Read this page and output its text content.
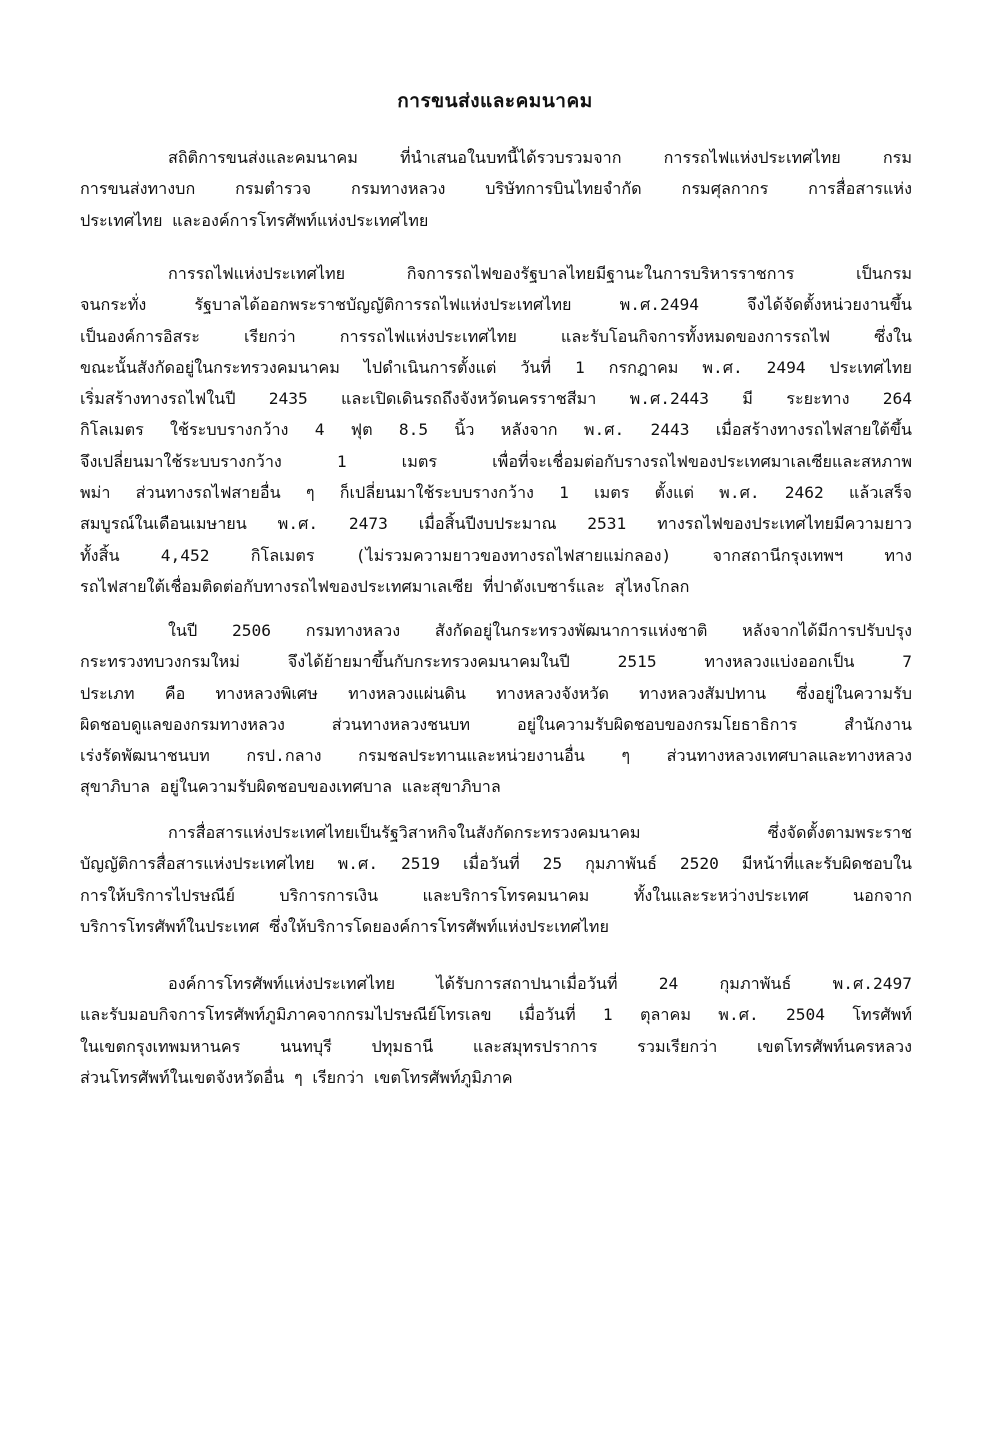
การขนส่งและคมนาคม
สถิติการขนส่งและคมนาคม ที่นำเสนอในบทนี้ได้รวบรวมจาก การรถไฟแห่งประเทศไทย กรม
การขนส่งทางบก กรมตำรวจ กรมทางหลวง บริษัทการบินไทยจำกัด กรมศุลกากร การสื่อสารแห่ง
ประเทศไทย และองค์การโทรศัพท์แห่งประเทศไทย
การรถไฟแห่งประเทศไทย กิจการรถไฟของรัฐบาลไทยมีฐานะในการบริหารราชการ เป็นกรม
จนกระทั่ง รัฐบาลได้ออกพระราชบัญญัติการรถไฟแห่งประเทศไทย พ.ศ.2494 จึงได้จัดตั้งหน่วยงานขึ้น
เป็นองค์การอิสระ เรียกว่า การรถไฟแห่งประเทศไทย และรับโอนกิจการทั้งหมดของการรถไฟ ซึ่งใน
ขณะนั้นสังกัดอยู่ในกระทรวงคมนาคม ไปดำเนินการตั้งแต่ วันที่ 1 กรกฎาคม พ.ศ. 2494 ประเทศไทย
เริ่มสร้างทางรถไฟในปี 2435 และเปิดเดินรถถึงจังหวัดนครราชสีมา พ.ศ.2443 มี ระยะทาง 264
กิโลเมตร ใช้ระบบรางกว้าง 4 ฟุต 8.5 นิ้ว หลังจาก พ.ศ. 2443 เมื่อสร้างทางรถไฟสายใต้ขึ้น
จึงเปลี่ยนมาใช้ระบบรางกว้าง 1 เมตร เพื่อที่จะเชื่อมต่อกับรางรถไฟของประเทศมาเลเซียและสหภาพ
พม่า ส่วนทางรถไฟสายอื่น ๆ ก็เปลี่ยนมาใช้ระบบรางกว้าง 1 เมตร ตั้งแต่ พ.ศ. 2462 แล้วเสร็จ
สมบูรณ์ในเดือนเมษายน พ.ศ. 2473 เมื่อสิ้นปีงบประมาณ 2531 ทางรถไฟของประเทศไทยมีความยาว
ทั้งสิ้น 4,452 กิโลเมตร (ไม่รวมความยาวของทางรถไฟสายแม่กลอง) จากสถานีกรุงเทพฯ ทาง
รถไฟสายใต้เชื่อมติดต่อกับทางรถไฟของประเทศมาเลเซีย ที่ปาดังเบซาร์และ สุไหงโกลก
ในปี 2506 กรมทางหลวง สังกัดอยู่ในกระทรวงพัฒนาการแห่งชาติ หลังจากได้มีการปรับปรุง
กระทรวงทบวงกรมใหม่ จึงได้ย้ายมาขึ้นกับกระทรวงคมนาคมในปี 2515 ทางหลวงแบ่งออกเป็น 7
ประเภท คือ ทางหลวงพิเศษ ทางหลวงแผ่นดิน ทางหลวงจังหวัด ทางหลวงสัมปทาน ซึ่งอยู่ในความรับ
ผิดชอบดูแลของกรมทางหลวง ส่วนทางหลวงชนบท อยู่ในความรับผิดชอบของกรมโยธาธิการ สำนักงาน
เร่งรัดพัฒนาชนบท กรป.กลาง กรมชลประทานและหน่วยงานอื่น ๆ ส่วนทางหลวงเทศบาลและทางหลวง
สุขาภิบาล อยู่ในความรับผิดชอบของเทศบาล และสุขาภิบาล
การสื่อสารแห่งประเทศไทยเป็นรัฐวิสาหกิจในสังกัดกระทรวงคมนาคม ซึ่งจัดตั้งตามพระราช
บัญญัติการสื่อสารแห่งประเทศไทย พ.ศ. 2519 เมื่อวันที่ 25 กุมภาพันธ์ 2520 มีหน้าที่และรับผิดชอบใน
การให้บริการไปรษณีย์ บริการการเงิน และบริการโทรคมนาคม ทั้งในและระหว่างประเทศ นอกจาก
บริการโทรศัพท์ในประเทศ ซึ่งให้บริการโดยองค์การโทรศัพท์แห่งประเทศไทย
องค์การโทรศัพท์แห่งประเทศไทย ได้รับการสถาปนาเมื่อวันที่ 24 กุมภาพันธ์ พ.ศ.2497
และรับมอบกิจการโทรศัพท์ภูมิภาคจากกรมไปรษณีย์โทรเลข เมื่อวันที่ 1 ตุลาคม พ.ศ. 2504 โทรศัพท์
ในเขตกรุงเทพมหานคร นนทบุรี ปทุมธานี และสมุทรปราการ รวมเรียกว่า เขตโทรศัพท์นครหลวง
ส่วนโทรศัพท์ในเขตจังหวัดอื่น ๆ เรียกว่า เขตโทรศัพท์ภูมิภาค
